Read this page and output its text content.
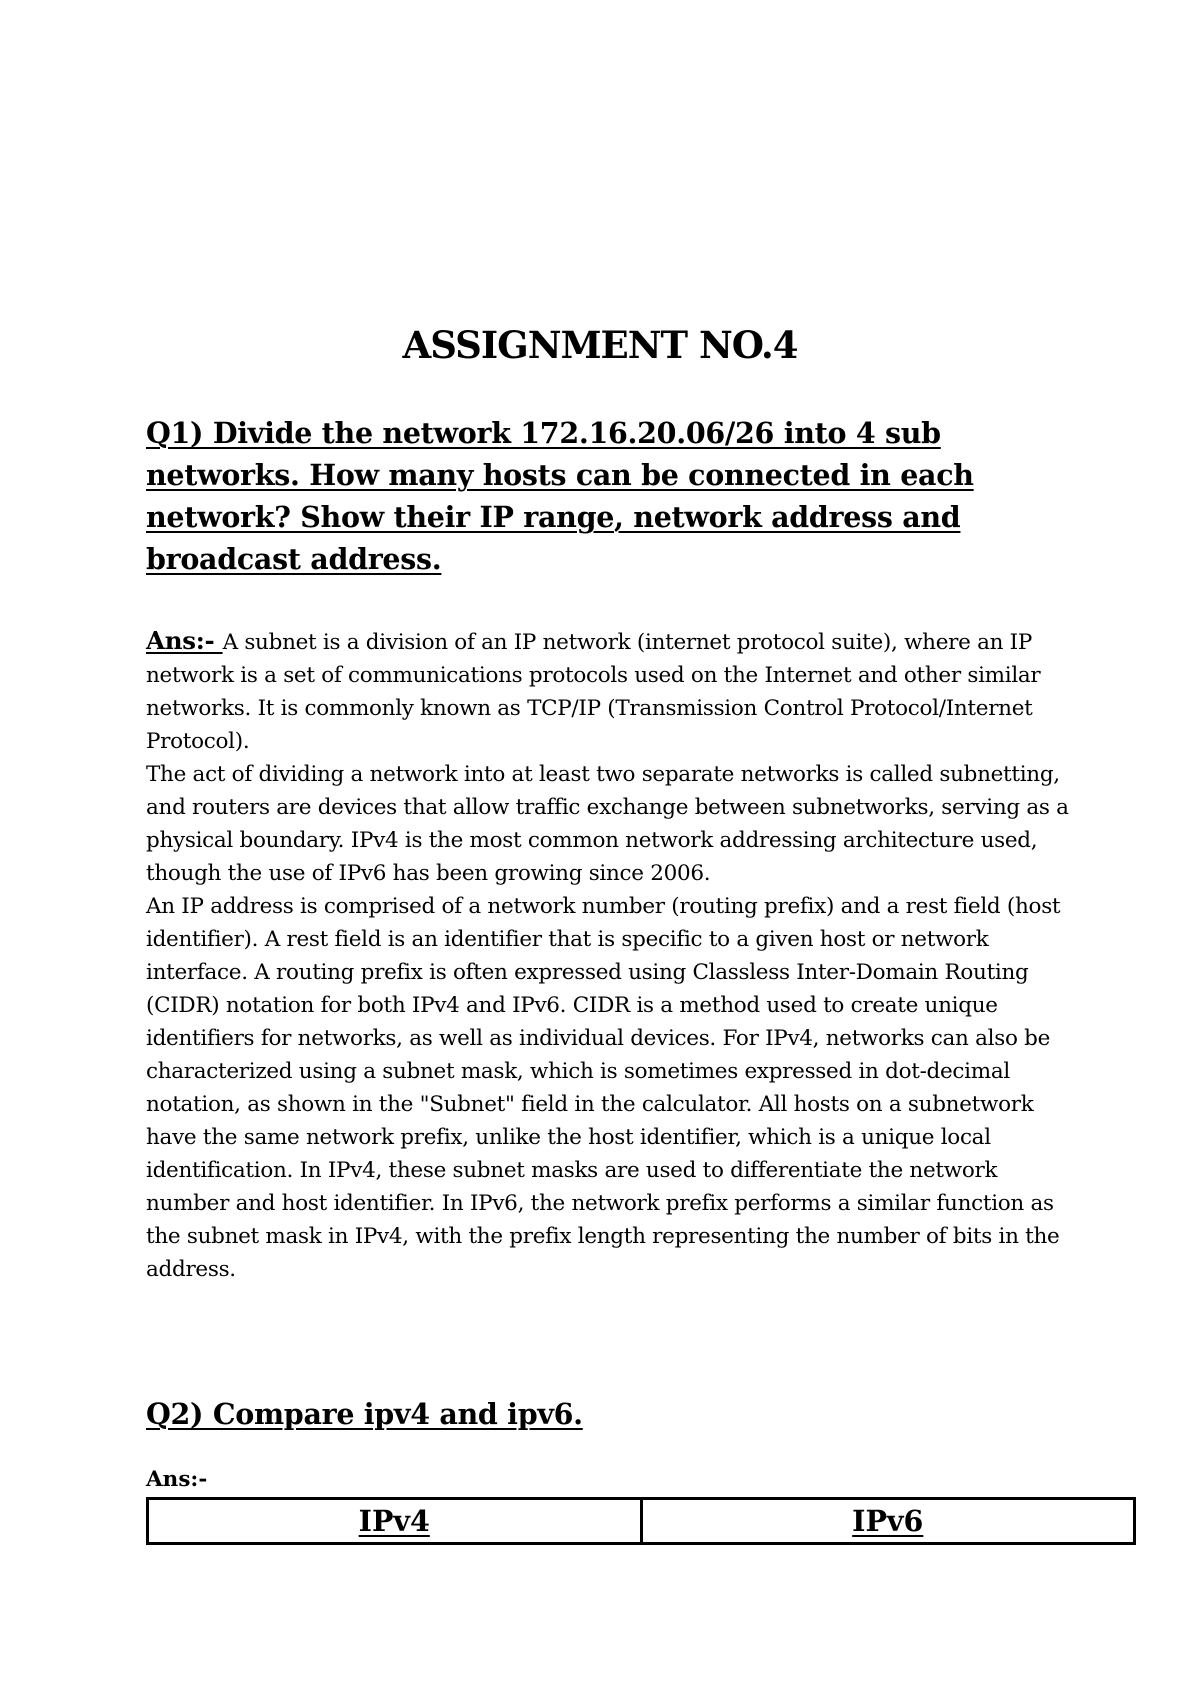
ASSIGNMENT NO.4
Q1) Divide the network 172.16.20.06/26 into 4 sub networks. How many hosts can be connected in each network? Show their IP range, network address and broadcast address.

Ans:- A subnet is a division of an IP network (internet protocol suite), where an IP network is a set of communications protocols used on the Internet and other similar networks. It is commonly known as TCP/IP (Transmission Control Protocol/Internet Protocol).

The act of dividing a network into at least two separate networks is called subnetting, and routers are devices that allow traffic exchange between subnetworks, serving as a physical boundary. IPv4 is the most common network addressing architecture used, though the use of IPv6 has been growing since 2006.

An IP address is comprised of a network number (routing prefix) and a rest field (host identifier). A rest field is an identifier that is specific to a given host or network interface. A routing prefix is often expressed using Classless Inter-Domain Routing (CIDR) notation for both IPv4 and IPv6. CIDR is a method used to create unique identifiers for networks, as well as individual devices. For IPv4, networks can also be characterized using a subnet mask, which is sometimes expressed in dot-decimal notation, as shown in the "Subnet" field in the calculator. All hosts on a subnetwork have the same network prefix, unlike the host identifier, which is a unique local identification. In IPv4, these subnet masks are used to differentiate the network number and host identifier. In IPv6, the network prefix performs a similar function as the subnet mask in IPv4, with the prefix length representing the number of bits in the address.

Q2) Compare ipv4 and ipv6.
Ans:-
IPv4	IPv6
